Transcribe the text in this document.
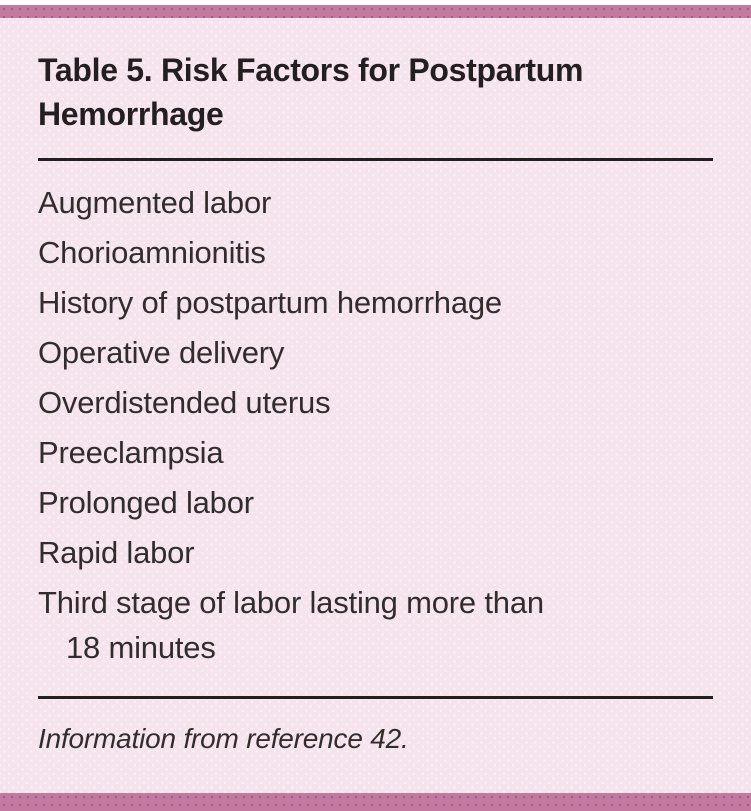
Table 5. Risk Factors for Postpartum Hemorrhage
Augmented labor
Chorioamnionitis
History of postpartum hemorrhage
Operative delivery
Overdistended uterus
Preeclampsia
Prolonged labor
Rapid labor
Third stage of labor lasting more than
18 minutes
Information from reference 42.
